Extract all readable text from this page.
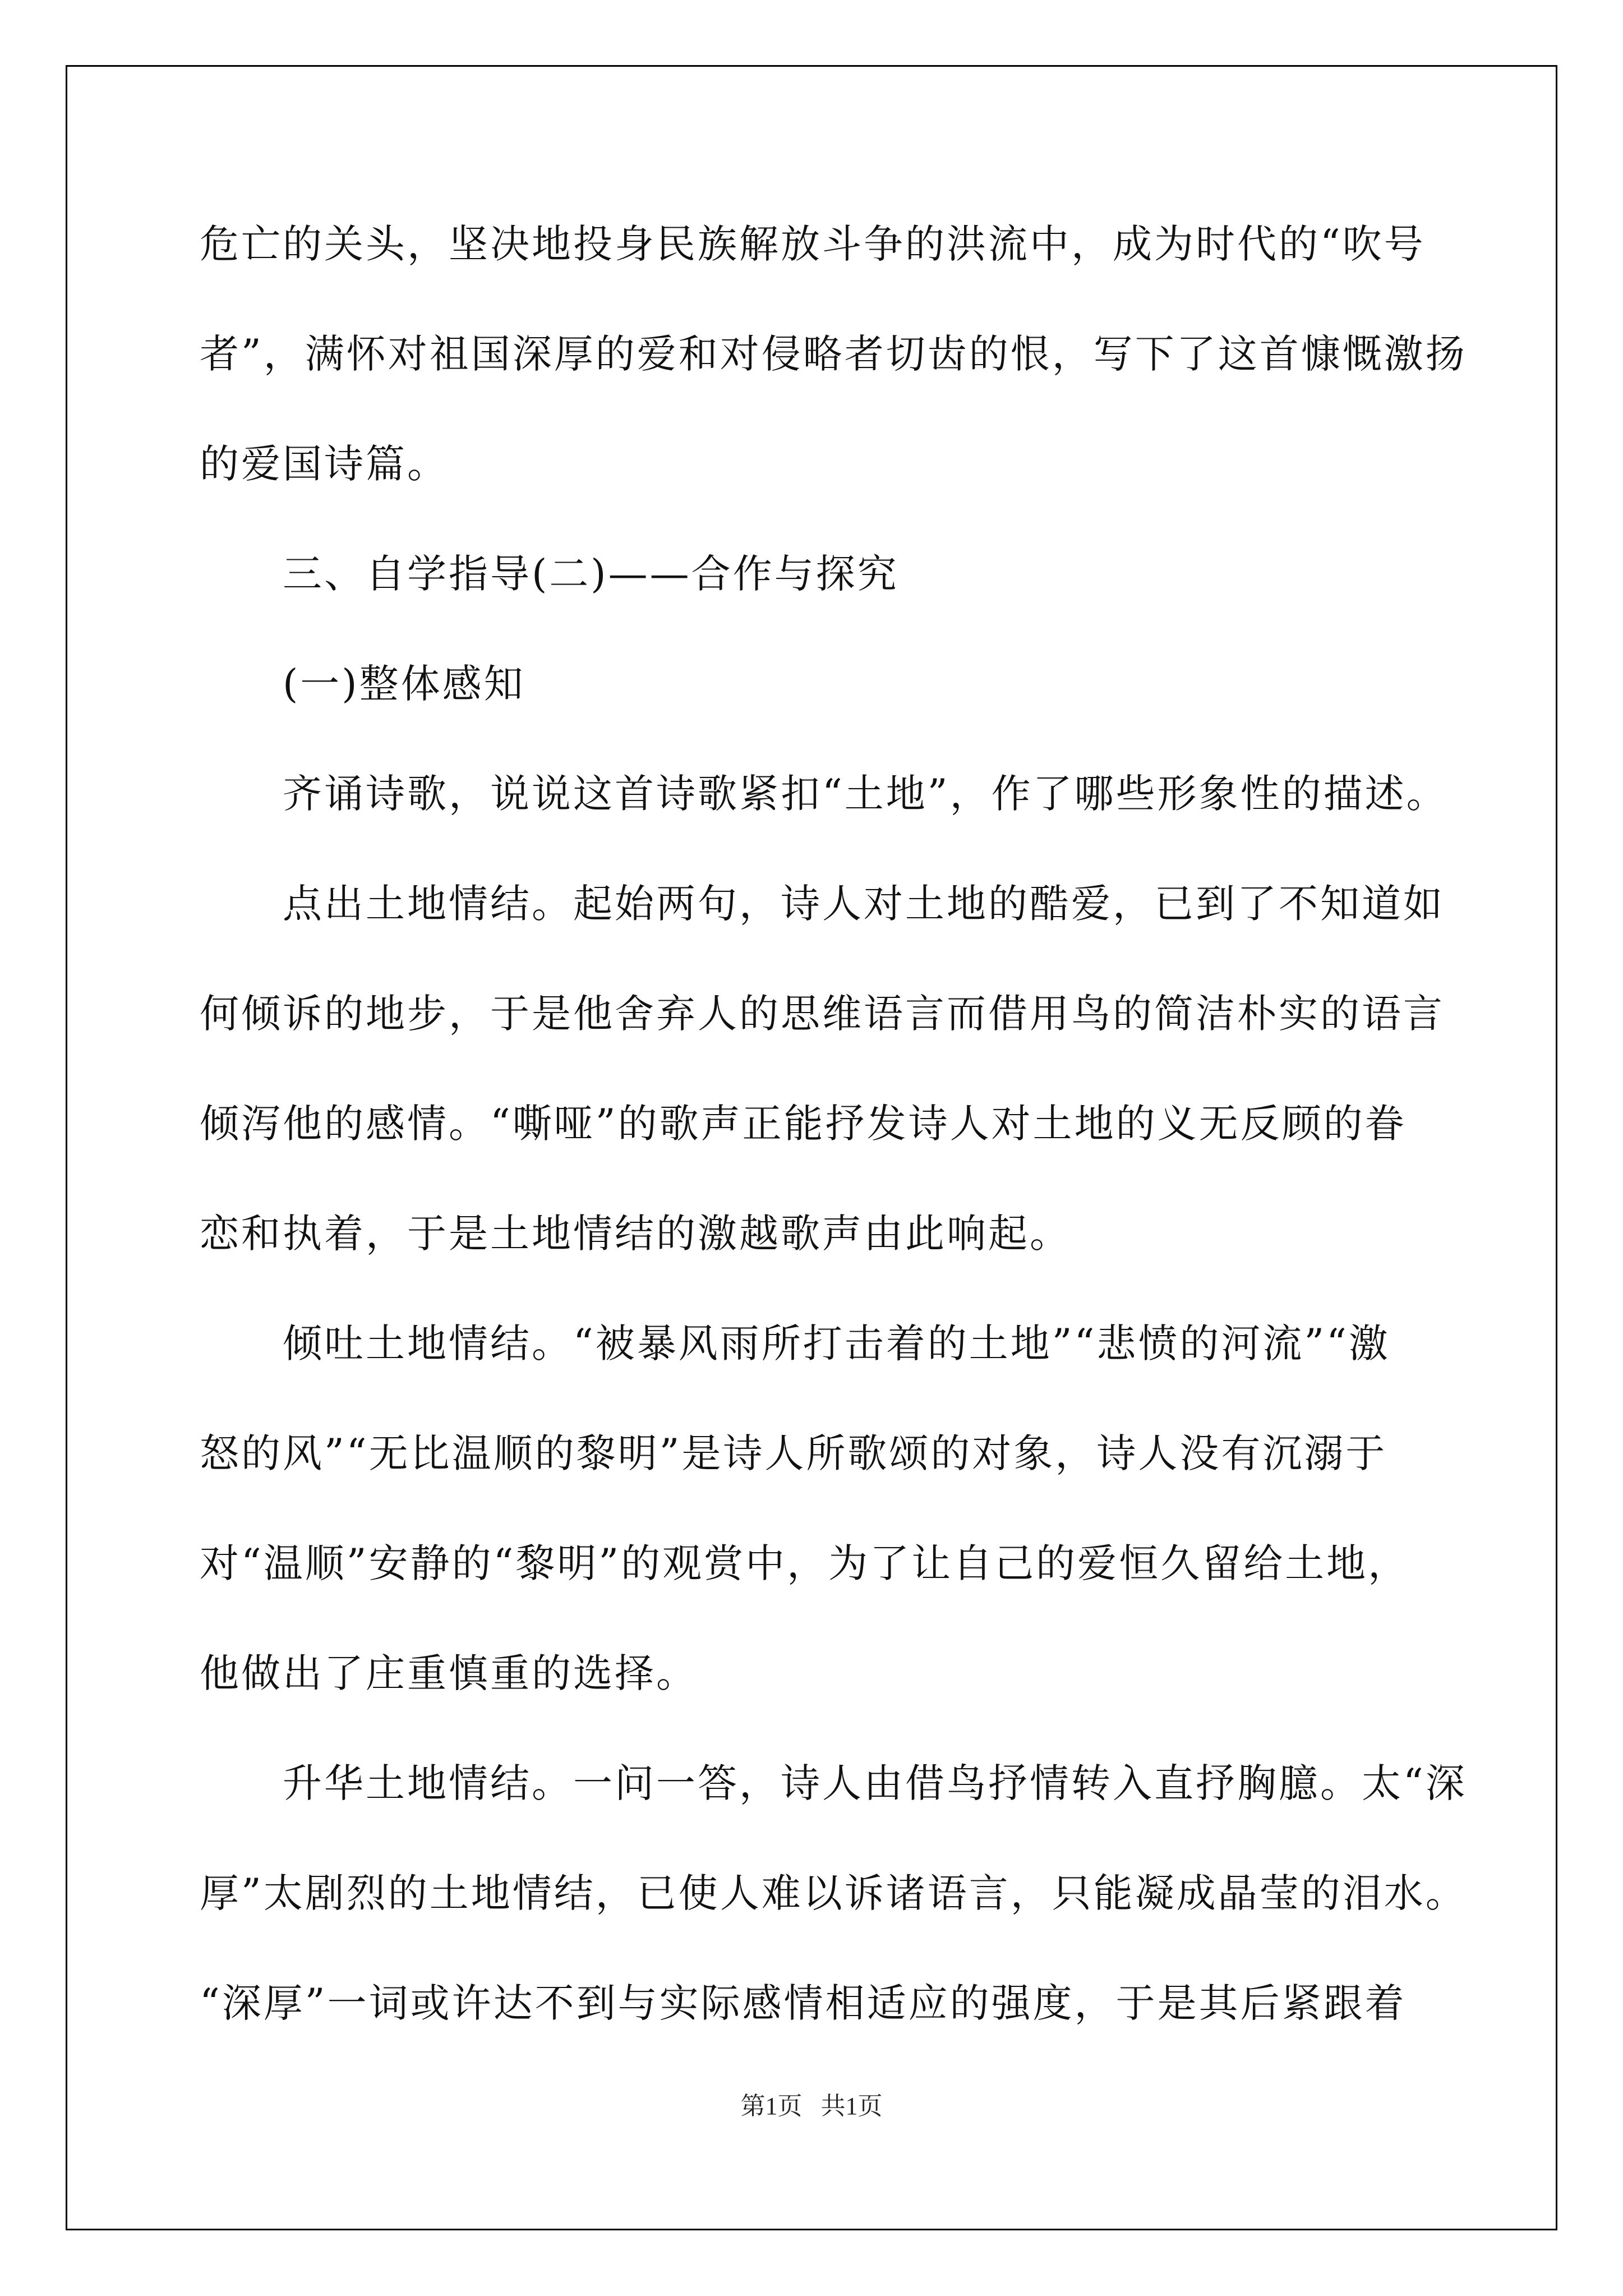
危亡的关头，坚决地投身民族解放斗争的洪流中，成为时代的“吹号
者”，满怀对祖国深厚的爱和对侵略者切齿的恨，写下了这首慷慨激扬
的爱国诗篇。
三、自学指导(二)——合作与探究
(一)整体感知
齐诵诗歌，说说这首诗歌紧扣“土地”，作了哪些形象性的描述。
点出土地情结。起始两句，诗人对土地的酷爱，已到了不知道如
何倾诉的地步，于是他舍弃人的思维语言而借用鸟的简洁朴实的语言
倾泻他的感情。“嘶哑”的歌声正能抒发诗人对土地的义无反顾的眷
恋和执着，于是土地情结的激越歌声由此响起。
倾吐土地情结。“被暴风雨所打击着的土地”“悲愤的河流”“激
怒的风”“无比温顺的黎明”是诗人所歌颂的对象，诗人没有沉溺于
对“温顺”安静的“黎明”的观赏中，为了让自己的爱恒久留给土地，
他做出了庄重慎重的选择。
升华土地情结。一问一答，诗人由借鸟抒情转入直抒胸臆。太“深
厚”太剧烈的土地情结，已使人难以诉诸语言，只能凝成晶莹的泪水。
“深厚”一词或许达不到与实际感情相适应的强度，于是其后紧跟着
第1页 共1页
